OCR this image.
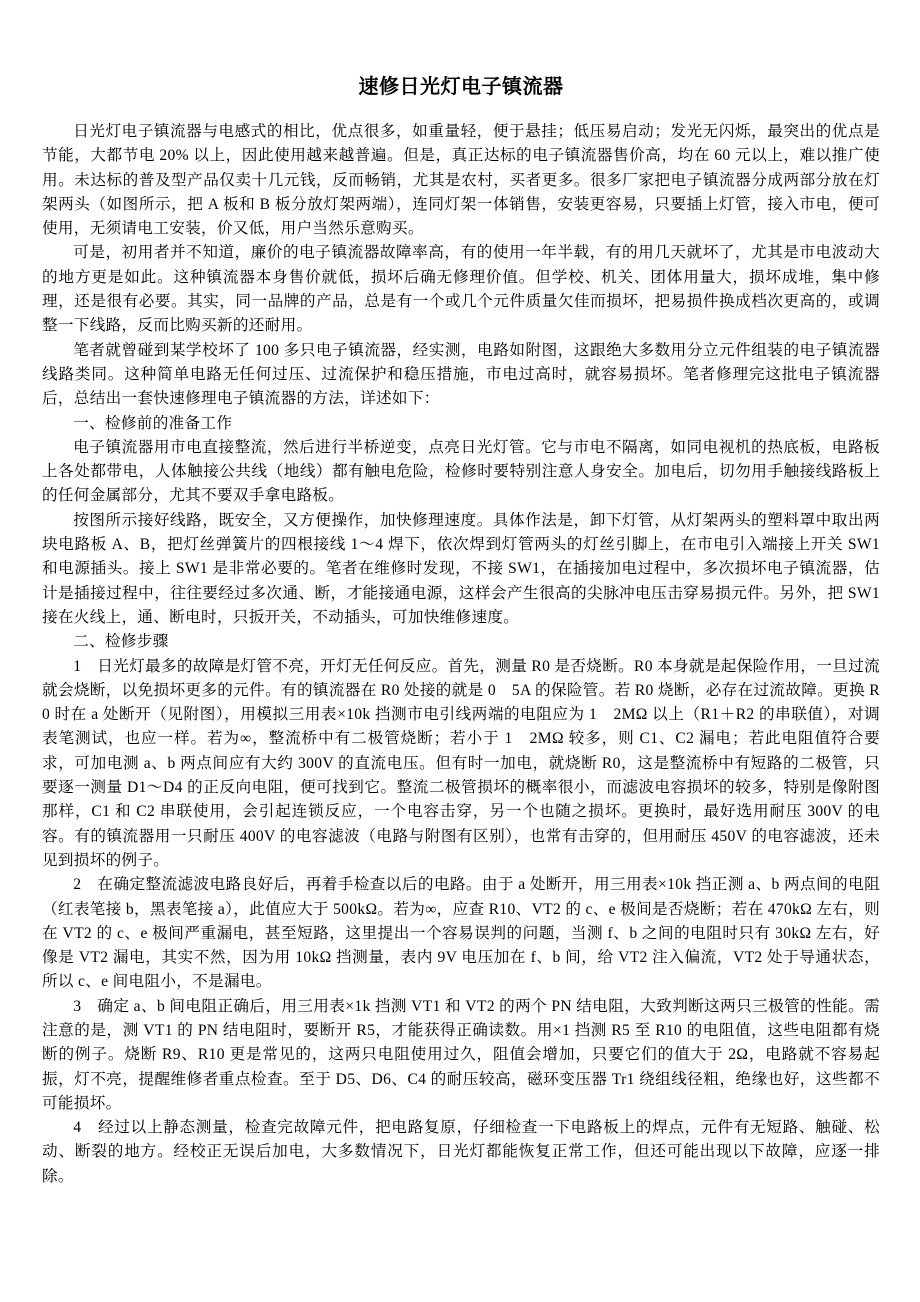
速修日光灯电子镇流器

日光灯电子镇流器与电感式的相比，优点很多，如重量轻，便于悬挂；低压易启动；发光无闪烁，最突出的优点是节能，大都节电 20% 以上，因此使用越来越普遍。但是，真正达标的电子镇流器售价高，均在 60 元以上，难以推广使用。未达标的普及型产品仅卖十几元钱，反而畅销，尤其是农村，买者更多。很多厂家把电子镇流器分成两部分放在灯架两头（如图所示，把 A 板和 B 板分放灯架两端），连同灯架一体销售，安装更容易，只要插上灯管，接入市电，便可使用，无须请电工安装，价又低，用户当然乐意购买。

可是，初用者并不知道，廉价的电子镇流器故障率高，有的使用一年半载，有的用几天就坏了，尤其是市电波动大的地方更是如此。这种镇流器本身售价就低，损坏后确无修理价值。但学校、机关、团体用量大，损坏成堆，集中修理，还是很有必要。其实，同一品牌的产品，总是有一个或几个元件质量欠佳而损坏，把易损件换成档次更高的，或调整一下线路，反而比购买新的还耐用。

笔者就曾碰到某学校坏了 100 多只电子镇流器，经实测，电路如附图，这跟绝大多数用分立元件组装的电子镇流器线路类同。这种简单电路无任何过压、过流保护和稳压措施，市电过高时，就容易损坏。笔者修理完这批电子镇流器后，总结出一套快速修理电子镇流器的方法，详述如下：

一、检修前的准备工作

电子镇流器用市电直接整流，然后进行半桥逆变，点亮日光灯管。它与市电不隔离，如同电视机的热底板，电路板上各处都带电，人体触接公共线（地线）都有触电危险，检修时要特别注意人身安全。加电后，切勿用手触接线路板上的任何金属部分，尤其不要双手拿电路板。

按图所示接好线路，既安全，又方便操作，加快修理速度。具体作法是，卸下灯管，从灯架两头的塑料罩中取出两块电路板 A、B，把灯丝弹簧片的四根接线 1～4 焊下，依次焊到灯管两头的灯丝引脚上，在市电引入端接上开关 SW1 和电源插头。接上 SW1 是非常必要的。笔者在维修时发现，不接 SW1，在插接加电过程中，多次损坏电子镇流器，估计是插接过程中，往往要经过多次通、断，才能接通电源，这样会产生很高的尖脉冲电压击穿易损元件。另外，把 SW1 接在火线上，通、断电时，只扳开关，不动插头，可加快维修速度。

二、检修步骤

1　日光灯最多的故障是灯管不亮，开灯无任何反应。首先，测量 R0 是否烧断。R0 本身就是起保险作用，一旦过流就会烧断，以免损坏更多的元件。有的镇流器在 R0 处接的就是 0　5A 的保险管。若 R0 烧断，必存在过流故障。更换 R0 时在 a 处断开（见附图），用模拟三用表×10k 挡测市电引线两端的电阻应为 1　2MΩ 以上（R1＋R2 的串联值），对调表笔测试，也应一样。若为∞，整流桥中有二极管烧断；若小于 1　2MΩ 较多，则 C1、C2 漏电；若此电阻值符合要求，可加电测 a、b 两点间应有大约 300V 的直流电压。但有时一加电，就烧断 R0，这是整流桥中有短路的二极管，只要逐一测量 D1～D4 的正反向电阻，便可找到它。整流二极管损坏的概率很小，而滤波电容损坏的较多，特别是像附图那样，C1 和 C2 串联使用，会引起连锁反应，一个电容击穿，另一个也随之损坏。更换时，最好选用耐压 300V 的电容。有的镇流器用一只耐压 400V 的电容滤波（电路与附图有区别），也常有击穿的，但用耐压 450V 的电容滤波，还未见到损坏的例子。

2　在确定整流滤波电路良好后，再着手检查以后的电路。由于 a 处断开，用三用表×10k 挡正测 a、b 两点间的电阻（红表笔接 b，黑表笔接 a），此值应大于 500kΩ。若为∞，应查 R10、VT2 的 c、e 极间是否烧断；若在 470kΩ 左右，则在 VT2 的 c、e 极间严重漏电，甚至短路，这里提出一个容易误判的问题，当测 f、b 之间的电阻时只有 30kΩ 左右，好像是 VT2 漏电，其实不然，因为用 10kΩ 挡测量，表内 9V 电压加在 f、b 间，给 VT2 注入偏流，VT2 处于导通状态，所以 c、e 间电阻小，不是漏电。

3　确定 a、b 间电阻正确后，用三用表×1k 挡测 VT1 和 VT2 的两个 PN 结电阻，大致判断这两只三极管的性能。需注意的是，测 VT1 的 PN 结电阻时，要断开 R5，才能获得正确读数。用×1 挡测 R5 至 R10 的电阻值，这些电阻都有烧断的例子。烧断 R9、R10 更是常见的，这两只电阻使用过久，阻值会增加，只要它们的值大于 2Ω，电路就不容易起振，灯不亮，提醒维修者重点检查。至于 D5、D6、C4 的耐压较高，磁环变压器 Tr1 绕组线径粗，绝缘也好，这些都不可能损坏。

4　经过以上静态测量，检查完故障元件，把电路复原，仔细检查一下电路板上的焊点，元件有无短路、触碰、松动、断裂的地方。经校正无误后加电，大多数情况下，日光灯都能恢复正常工作，但还可能出现以下故障，应逐一排除。
